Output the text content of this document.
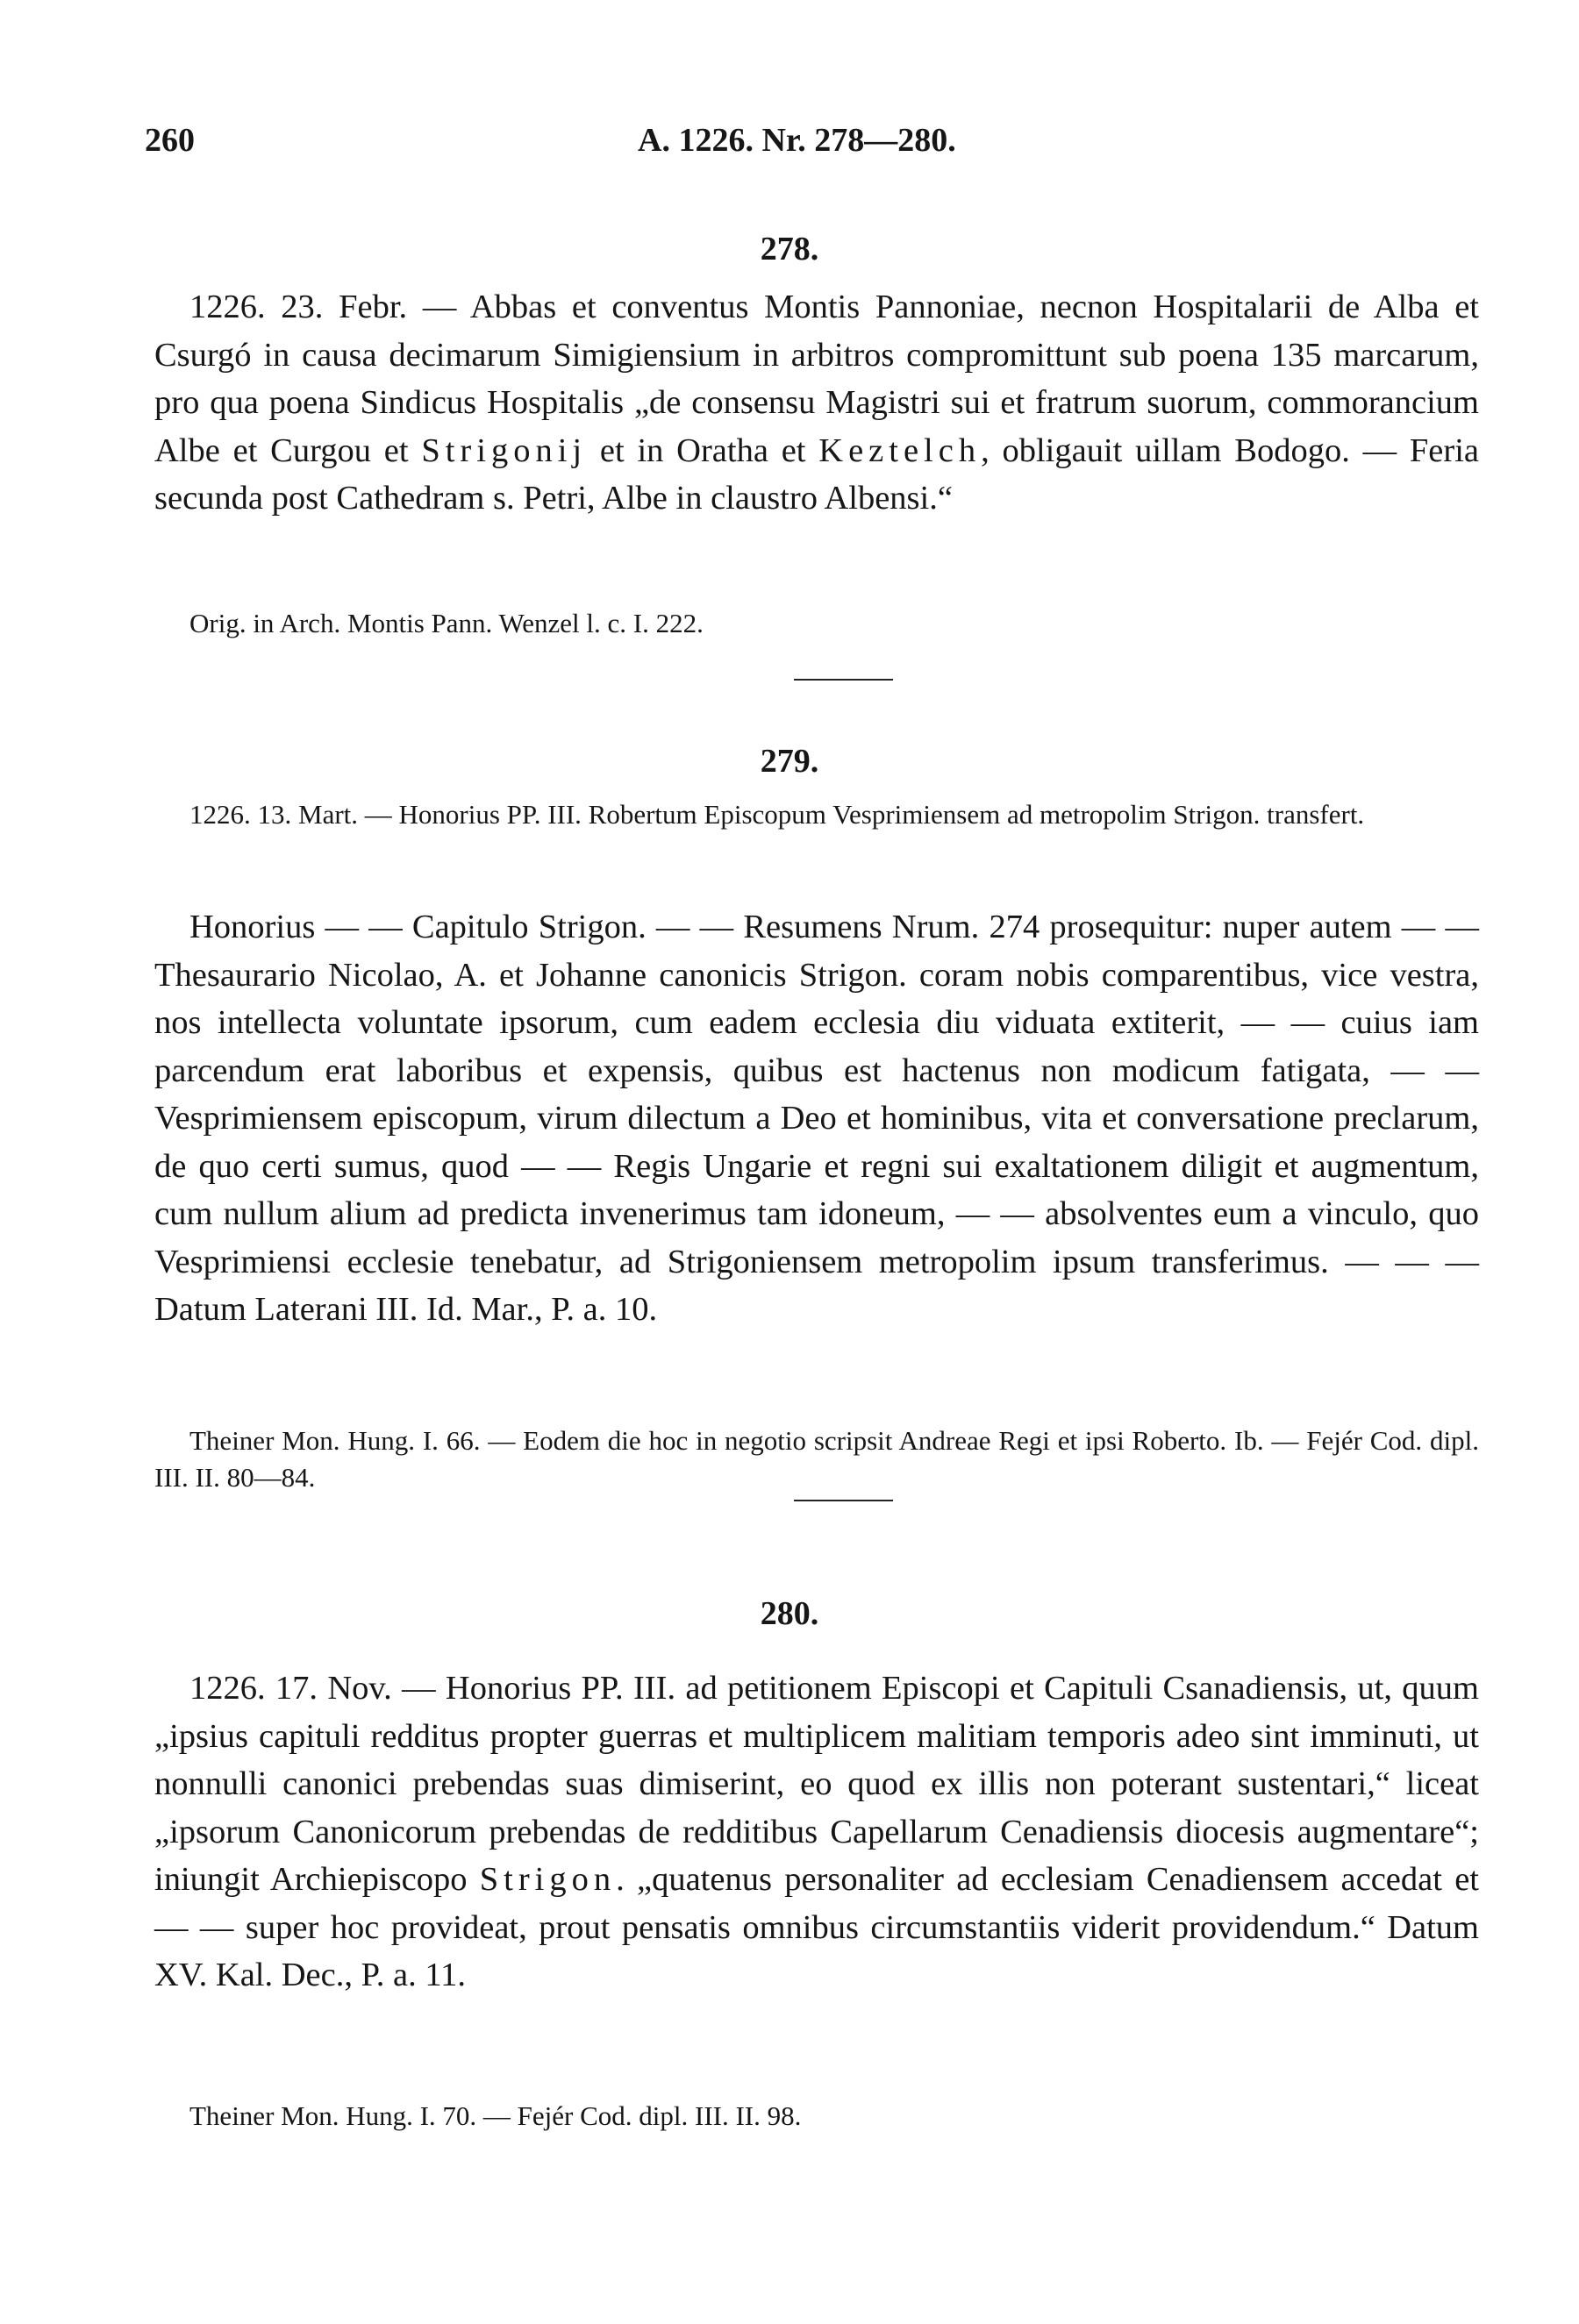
260	A. 1226. Nr. 278—280.
278.

1226. 23. Febr. — Abbas et conventus Montis Pannoniae, necnon Hospitalarii de Alba et Csurgó in causa decimarum Simigiensium in arbitros compromittunt sub poena 135 marcarum, pro qua poena Sindicus Hospitalis „de consensu Magistri sui et fratrum suorum, commorancium Albe et Curgou et Strigonij et in Oratha et Keztelch, obligauit uillam Bodogo. — Feria secunda post Cathedram s. Petri, Albe in claustro Albensi.“

Orig. in Arch. Montis Pann. Wenzel l. c. I. 222.

279.

1226. 13. Mart. — Honorius PP. III. Robertum Episcopum Vesprimiensem ad metropolim Strigon. transfert.

Honorius — — Capitulo Strigon. — — Resumens Nrum. 274 prosequitur: nuper autem — — Thesaurario Nicolao, A. et Johanne canonicis Strigon. coram nobis comparentibus, vice vestra, nos intellecta voluntate ipsorum, cum eadem ecclesia diu viduata extiterit, — — cuius iam parcendum erat laboribus et expensis, quibus est hactenus non modicum fatigata, — — Vesprimiensem episcopum, virum dilectum a Deo et hominibus, vita et conversatione preclarum, de quo certi sumus, quod — — Regis Ungarie et regni sui exaltationem diligit et augmentum, cum nullum alium ad predicta invenerimus tam idoneum, — — absolventes eum a vinculo, quo Vesprimiensi ecclesie tenebatur, ad Strigoniensem metropolim ipsum transferimus. — — — Datum Laterani III. Id. Mar., P. a. 10.

Theiner Mon. Hung. I. 66. — Eodem die hoc in negotio scripsit Andreae Regi et ipsi Roberto. Ib. — Fejér Cod. dipl. III. II. 80—84.

280.

1226. 17. Nov. — Honorius PP. III. ad petitionem Episcopi et Capituli Csanadiensis, ut, quum „ipsius capituli redditus propter guerras et multiplicem malitiam temporis adeo sint imminuti, ut nonnulli canonici prebendas suas dimiserint, eo quod ex illis non poterant sustentari,“ liceat „ipsorum Canonicorum prebendas de redditibus Capellarum Cenadiensis diocesis augmentare“; iniungit Archiepiscopo Strigon. „quatenus personaliter ad ecclesiam Cenadiensem accedat et — — super hoc provideat, prout pensatis omnibus circumstantiis viderit providendum.“ Datum XV. Kal. Dec., P. a. 11.

Theiner Mon. Hung. I. 70. — Fejér Cod. dipl. III. II. 98.
